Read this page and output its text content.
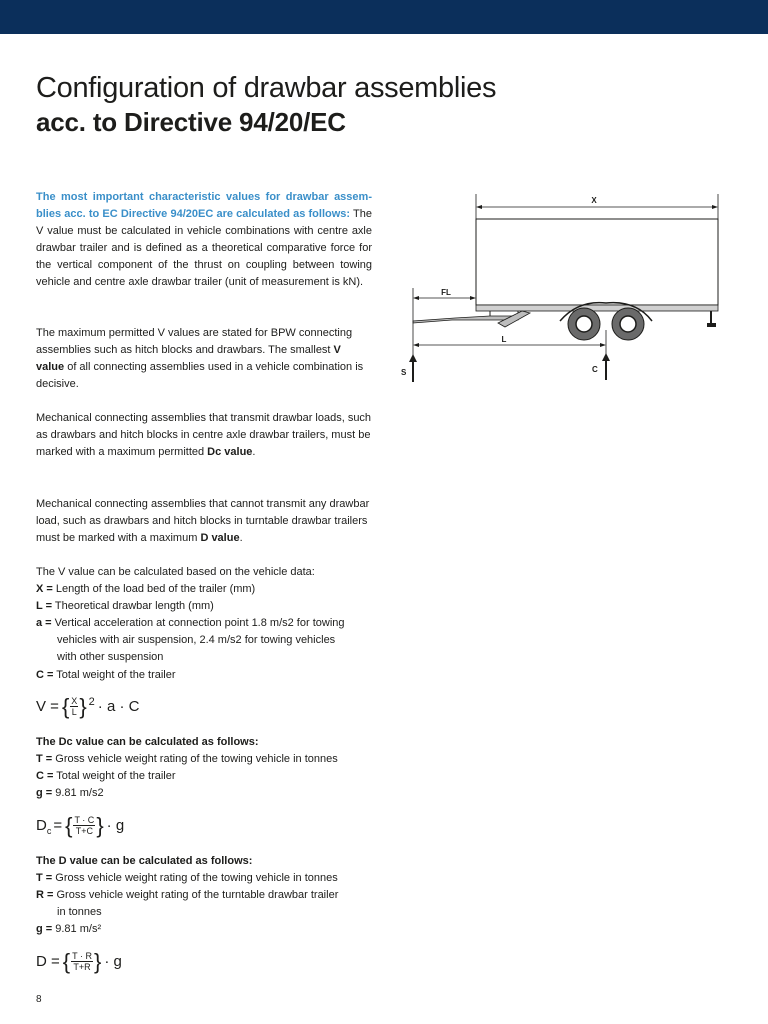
Configuration of drawbar assemblies
acc. to Directive 94/20/EC
The most important characteristic values for drawbar assemblies acc. to EC Directive 94/20EC are calculated as follows: The V value must be calculated in vehicle combinations with centre axle drawbar trailer and is defined as a theoretical comparative force for the vertical component of the thrust on coupling between towing vehicle and centre axle drawbar trailer (unit of measurement is kN).
The maximum permitted V values are stated for BPW connecting assemblies such as hitch blocks and drawbars. The smallest V value of all connecting assemblies used in a vehicle combination is decisive.
Mechanical connecting assemblies that transmit drawbar loads, such as drawbars and hitch blocks in centre axle drawbar trailers, must be marked with a maximum permitted Dc value.
Mechanical connecting assemblies that cannot transmit any drawbar load, such as drawbars and hitch blocks in turntable drawbar trailers must be marked with a maximum D value.
The V value can be calculated based on the vehicle data:
X = Length of the load bed of the trailer (mm)
L = Theoretical drawbar length (mm)
a = Vertical acceleration at connection point 1.8 m/s2 for towing
vehicles with air suspension, 2.4 m/s2 for towing vehicles
with other suspension
C = Total weight of the trailer
V = { $\frac{X}{L}$ } 2 · a · C
The Dc value can be calculated as follows:
T = Gross vehicle weight rating of the towing vehicle in tonnes
C = Total weight of the trailer
g = 9.81 m/s2
D c = { $\frac{T \cdot C}{T+C}$ } · g
The D value can be calculated as follows:
T = Gross vehicle weight rating of the towing vehicle in tonnes
R = Gross vehicle weight rating of the turntable drawbar trailer
in tonnes
g = 9.81 m/s²
D = { $\frac{T \cdot R}{T+R}$ } · g
X
FL
L
S	C
8
